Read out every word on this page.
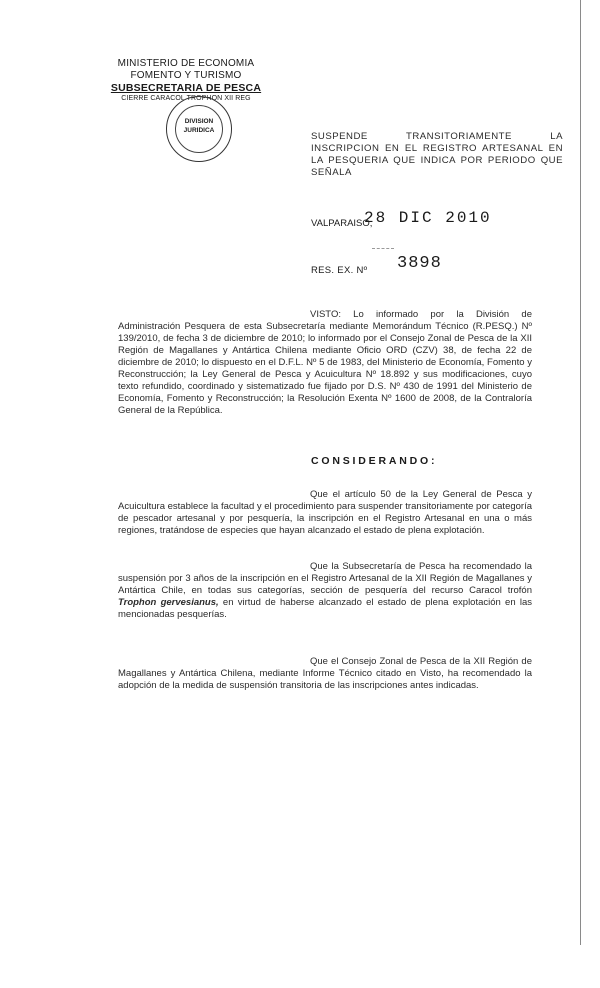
MINISTERIO DE ECONOMIA
FOMENTO Y TURISMO
SUBSECRETARIA DE PESCA
CIERRE CARACOL TROPHON XII REG
DIVISION
JURIDICA
SUSPENDE TRANSITORIAMENTE LA INSCRIPCION EN EL REGISTRO ARTESANAL EN LA PESQUERIA QUE INDICA POR PERIODO QUE SEÑALA
VALPARAISO,
28 DIC 2010
RES. EX. Nº 3898
VISTO: Lo informado por la División de Administración Pesquera de esta Subsecretaría mediante Memorándum Técnico (R.PESQ.) Nº 139/2010, de fecha 3 de diciembre de 2010; lo informado por el Consejo Zonal de Pesca de la XII Región de Magallanes y Antártica Chilena mediante Oficio ORD (CZV) 38, de fecha 22 de diciembre de 2010; lo dispuesto en el D.F.L. Nº 5 de 1983, del Ministerio de Economía, Fomento y Reconstrucción; la Ley General de Pesca y Acuicultura Nº 18.892 y sus modificaciones, cuyo texto refundido, coordinado y sistematizado fue fijado por D.S. Nº 430 de 1991 del Ministerio de Economía, Fomento y Reconstrucción; la Resolución Exenta Nº 1600 de 2008, de la Contraloría General de la República.
CONSIDERANDO:
Que el artículo 50 de la Ley General de Pesca y Acuicultura establece la facultad y el procedimiento para suspender transitoriamente por categoría de pescador artesanal y por pesquería, la inscripción en el Registro Artesanal en una o más regiones, tratándose de especies que hayan alcanzado el estado de plena explotación.
Que la Subsecretaría de Pesca ha recomendado la suspensión por 3 años de la inscripción en el Registro Artesanal de la XII Región de Magallanes y Antártica Chile, en todas sus categorías, sección de pesquería del recurso Caracol trofón Trophon gervesianus, en virtud de haberse alcanzado el estado de plena explotación en las mencionadas pesquerías.
Que el Consejo Zonal de Pesca de la XII Región de Magallanes y Antártica Chilena, mediante Informe Técnico citado en Visto, ha recomendado la adopción de la medida de suspensión transitoria de las inscripciones antes indicadas.
